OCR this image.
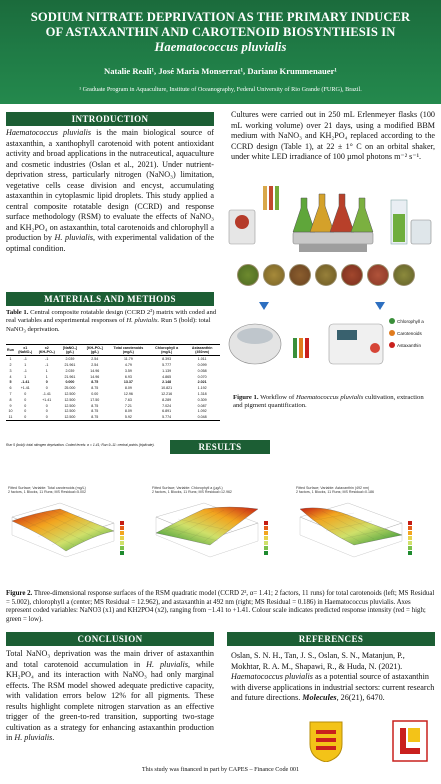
SODIUM NITRATE DEPRIVATION AS THE PRIMARY INDUCER
OF ASTAXANTHIN AND CAROTENOID BIOSYNTHESIS IN
Haematococcus pluvialis
Natalie Reali¹, José Maria Monserrat¹, Dariano Krummenauer¹
¹ Graduate Program in Aquaculture, Institute of Oceanography, Federal University of Rio Grande (FURG), Brazil.
INTRODUCTION
Haematococcus pluvialis is the main biological source of astaxanthin, a xanthophyll carotenoid with potent antioxidant activity and broad applications in the nutraceutical, aquaculture and cosmetic industries (Oslan et al., 2021). Under nutrient-deprivation stress, particularly nitrogen (NaNO₃) limitation, vegetative cells cease division and encyst, accumulating astaxanthin in cytoplasmic lipid droplets. This study applied a central composite rotatable design (CCRD) and response surface methodology (RSM) to evaluate the effects of NaNO₃ and KH₂PO₄ on astaxanthin, total carotenoids and chlorophyll a production by H. pluvialis, with experimental validation of the optimal condition.
MATERIALS AND METHODS
Table 1. Central composite rotatable design (CCRD 2²) matrix with coded and real variables and experimental responses of H. pluvialis. Run 5 (bold): total NaNO₃ deprivation.
Run	x1 (NaNO₃)	x2 (KH₂PO₄)	[NaNO₃] (g/L)	[KH₂PO₄] (g/L)	Total carotenoids (mg/L)	Chlorophyll a (mg/L)	Astaxanthin (492nm)
1	-1	-1	2.039	2.54	11.79	8.393	1.011
2	1	-1	21.961	2.54	4.79	5.777	0.099
3	-1	1	2.039	14.96	3.59	1.139	0.058
4	1	1	21.961	14.96	6.93	4.865	0.070
5	-1.41	0	0.000	8.75	13.37	2.148	2.021
6	+1.41	0	25.000	8.75	8.09	10.821	1.192
7	0	-1.41	12.500	0.00	12.96	12.216	1.318
8	0	+1.41	12.500	17.50	7.63	8.289	0.309
9	0	0	12.500	8.75	7.21	7.024	0.087
10	0	0	12.500	8.75	8.09	6.891	1.092
11	0	0	12.500	8.75	5.92	5.774	0.048
Run 5 (bold): total nitrogen deprivation. Coded levels: α = 1.41; Run 9–11: central points (triplicate).
Cultures were carried out in 250 mL Erlenmeyer flasks (100 mL working volume) over 21 days, using a modified BBM medium with NaNO₃ and KH₂PO₄ replaced according to the CCRD design (Table 1), at 22 ± 1° C on an orbital shaker, under white LED irradiance of 100 µmol photons m⁻² s⁻¹.
Chlorophyll a
Carotenoids
Astaxanthin
Figure 1. Workflow of Haematococcus pluvialis cultivation, extraction and pigment quantification.
RESULTS
Fitted Surface; Variable: Total carotenoids (mg/L)
2 factors, 1 Blocks, 11 Runs; MS Residual=5.002
Fitted Surface; Variable: Chlorophyll a (µg/L)
2 factors, 1 Blocks, 11 Runs; MS Residual=12.962
Fitted Surface; Variable: Astaxanthin (492 nm)
2 factors, 1 Blocks, 11 Runs; MS Residual=0.186
Figure 2. Three-dimensional response surfaces of the RSM quadratic model (CCRD 2², α= 1.41; 2 factors, 11 runs) for total carotenoids (left; MS Residual = 5.002), chlorophyll a (center; MS Residual = 12.962), and astaxanthin at 492 nm (right; MS Residual = 0.186) in Haematococcus pluvialis. Axes represent coded variables: NaNO3 (x1) and KH2PO4 (x2), ranging from −1.41 to +1.41. Colour scale indicates predicted response intensity (red = high; green = low).
CONCLUSION
Total NaNO₃ deprivation was the main driver of astaxanthin and total carotenoid accumulation in H. pluvialis, while KH₂PO₄ and its interaction with NaNO₃ had only marginal effects. The RSM model showed adequate predictive capacity, with validation errors below 12% for all pigments. These results highlight complete nitrogen starvation as an effective trigger of the green-to-red transition, supporting two-stage cultivation as a strategy for enhancing astaxanthin production in H. pluvialis.
REFERENCES
Oslan, S. N. H., Tan, J. S., Oslan, S. N., Matanjun, P., Mokhtar, R. A. M., Shapawi, R., & Huda, N. (2021). Haematococcus pluvialis as a potential source of astaxanthin with diverse applications in industrial sectors: current research and future directions. Molecules, 26(21), 6470.
This study was financed in part by CAPES – Finance Code 001
